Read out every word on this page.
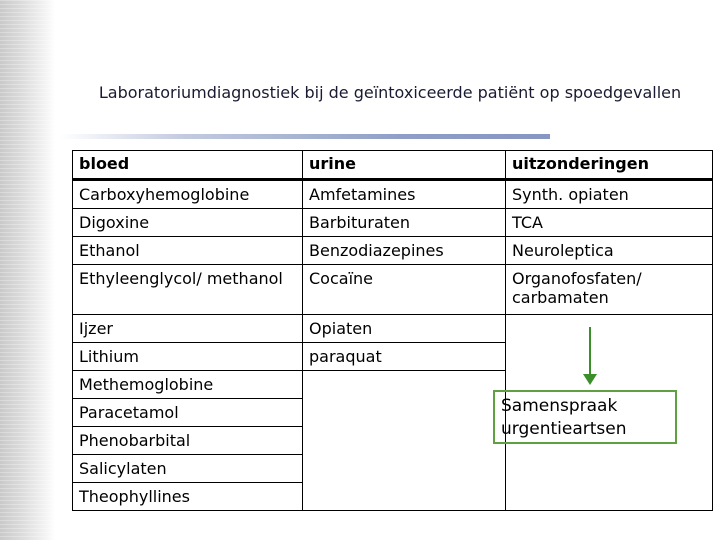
Laboratoriumdiagnostiek bij de geïntoxiceerde patiënt op spoedgevallen
bloed	urine	uitzonderingen
Carboxyhemoglobine	Amfetamines	Synth. opiaten
Digoxine	Barbituraten	TCA
Ethanol	Benzodiazepines	Neuroleptica
Ethyleenglycol/ methanol	Cocaïne	Organofosfaten/ carbamaten
Ijzer	Opiaten	
Lithium	paraquat	
Methemoglobine		
Paracetamol		
Phenobarbital		
Salicylaten		
Theophyllines		
Samenspraak urgentieartsen
